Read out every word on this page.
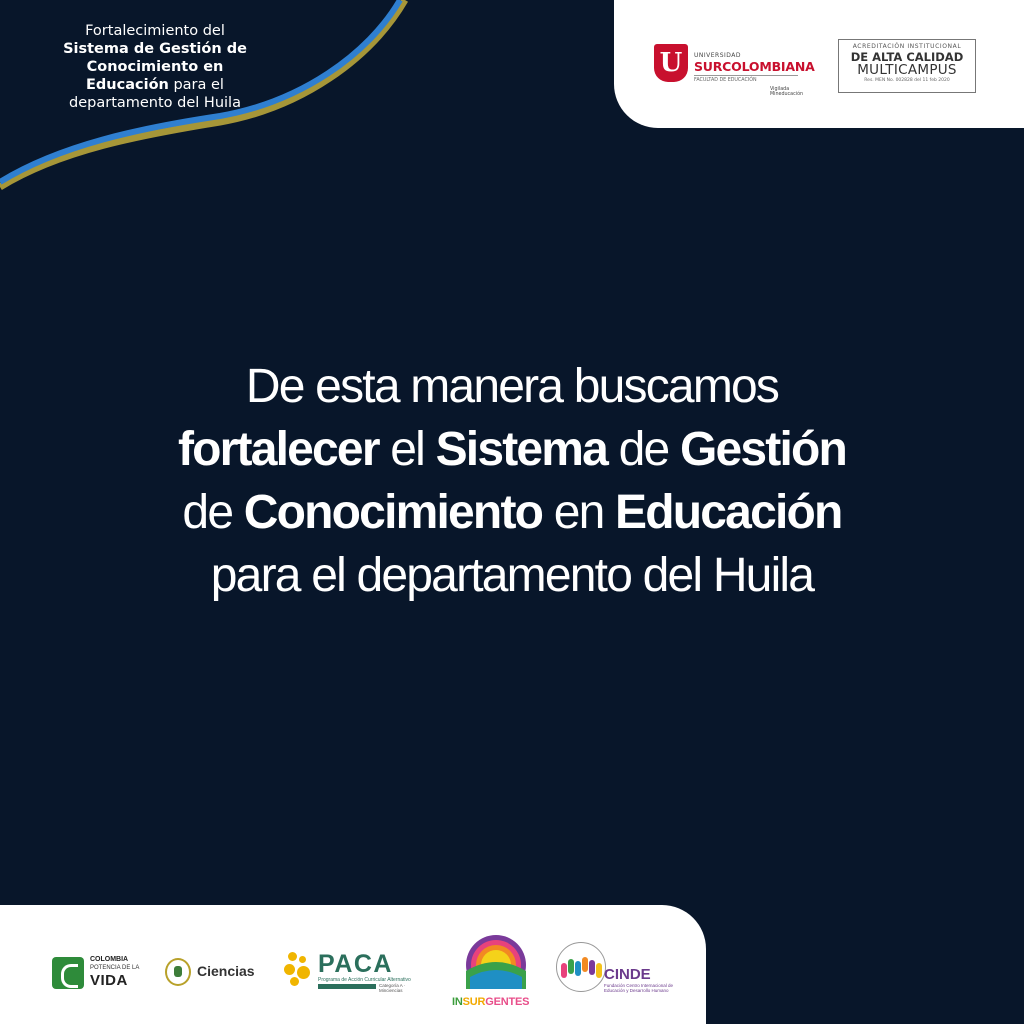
Fortalecimiento del
Sistema de Gestión de
Conocimiento en
Educación para el
departamento del Huila
U	UNIVERSIDAD
SURCOLOMBIANA
FACULTAD DE EDUCACIÓN
Vigilada Mineducación
ACREDITACIÓN INSTITUCIONAL
DE ALTA CALIDAD
MULTICAMPUS
Res. MEN No. 002828 del 11 feb 2020
De esta manera buscamos
fortalecer el Sistema de Gestión
de Conocimiento en Educación
para el departamento del Huila
COLOMBIA
POTENCIA DE LA
VIDA
Ciencias	PACA
Programa de Acción Curricular Alternativo
Categoría A · Minciencias
INSURGENTES
CINDE
Fundación Centro Internacional de Educación y Desarrollo Humano
